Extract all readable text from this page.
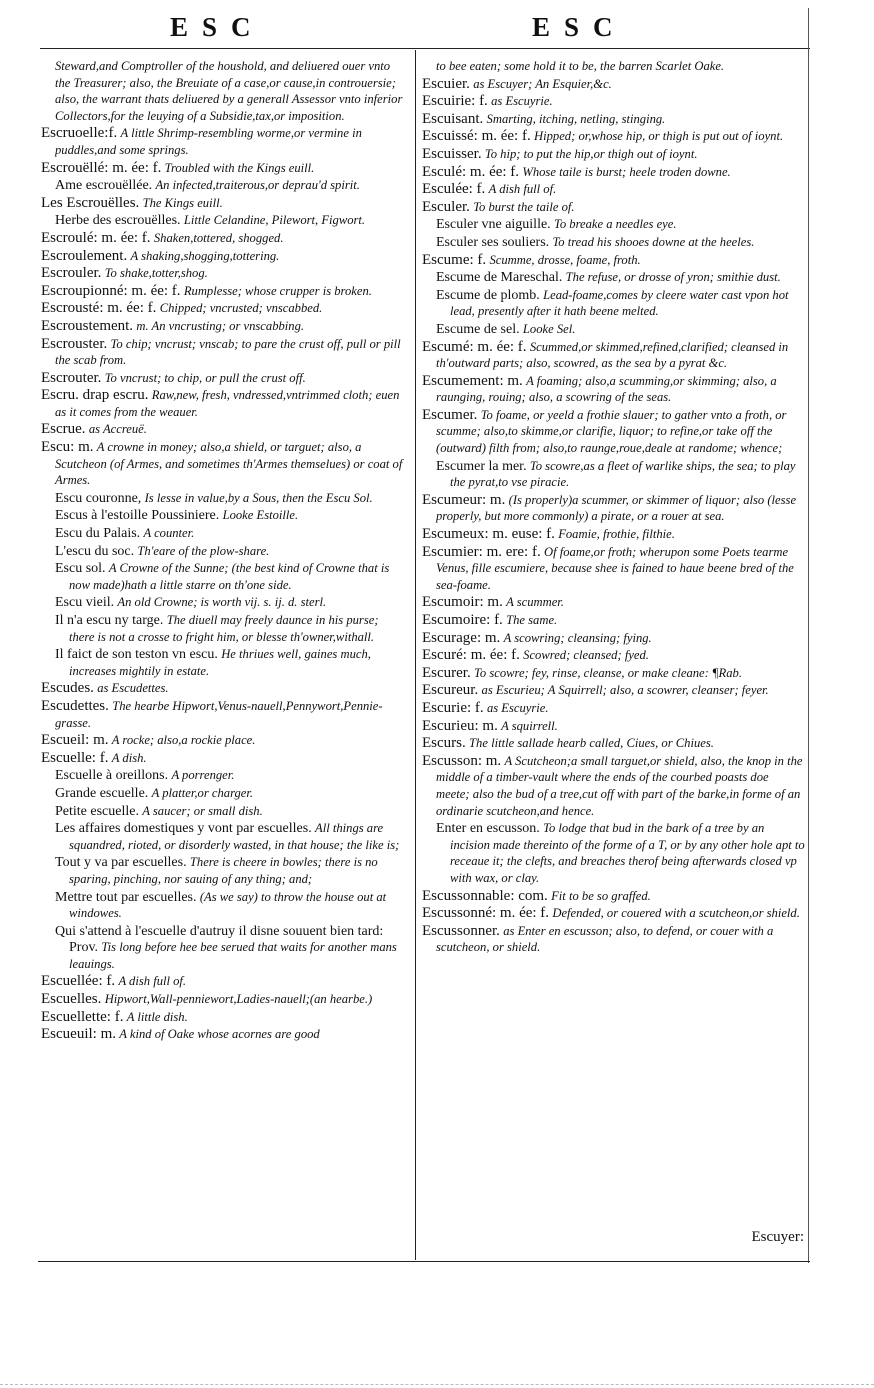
ESC	ESC
Steward,and Comptroller of the houshold, and deliuered ouer vnto the Treasurer; also, the Breuiate of a case,or cause,in controuersie; also, the warrant thats deliuered by a generall Assessor vnto inferior Collectors,for the leuying of a Subsidie,tax,or imposition.
Escruoelle:f. A little Shrimp-resembling worme,or vermine in puddles,and some springs.
Escrouëllé: m. ée: f. Troubled with the Kings euill.
Ame escrouëllée. An infected,traiterous,or deprau'd spirit.
Les Escrouëlles. The Kings euill.
Herbe des escrouëlles. Little Celandine, Pilewort, Figwort.
Escroulé: m. ée: f. Shaken,tottered, shogged.
Escroulement. A shaking,shogging,tottering.
Escrouler. To shake,totter,shog.
Escroupionné: m. ée: f. Rumplesse; whose crupper is broken.
Escrousté: m. ée: f. Chipped; vncrusted; vnscabbed.
Escroustement. m. An vncrusting; or vnscabbing.
Escrouster. To chip; vncrust; vnscab; to pare the crust off, pull or pill the scab from.
Escrouter. To vncrust; to chip, or pull the crust off.
Escru. drap escru. Raw,new, fresh, vndressed,vntrimmed cloth; euen as it comes from the weauer.
Escrue. as Accreuë.
Escu: m. A crowne in money; also,a shield, or targuet; also, a Scutcheon (of Armes, and sometimes th'Armes themselues) or coat of Armes.
Escu couronne, Is lesse in value,by a Sous, then the Escu Sol.
Escus à l'estoille Poussiniere. Looke Estoille.
Escu du Palais. A counter.
L'escu du soc. Th'eare of the plow-share.
Escu sol. A Crowne of the Sunne; (the best kind of Crowne that is now made)hath a little starre on th'one side.
Escu vieil. An old Crowne; is worth vij. s. ij. d. sterl.
Il n'a escu ny targe. The diuell may freely daunce in his purse; there is not a crosse to fright him, or blesse th'owner,withall.
Il faict de son teston vn escu. He thriues well, gaines much, increases mightily in estate.
Escudes. as Escudettes.
Escudettes. The hearbe Hipwort,Venus-nauell,Pennywort,Pennie-grasse.
Escueil: m. A rocke; also,a rockie place.
Escuelle: f. A dish.
Escuelle à oreillons. A porrenger.
Grande escuelle. A platter,or charger.
Petite escuelle. A saucer; or small dish.
Les affaires domestiques y vont par escuelles. All things are squandred, rioted, or disorderly wasted, in that house; the like is;
Tout y va par escuelles. There is cheere in bowles; there is no sparing, pinching, nor sauing of any thing; and;
Mettre tout par escuelles. (As we say) to throw the house out at windowes.
Qui s'attend à l'escuelle d'autruy il disne souuent bien tard: Prov. Tis long before hee bee serued that waits for another mans leauings.
Escuellée: f. A dish full of.
Escuelles. Hipwort,Wall-penniewort,Ladies-nauell;(an hearbe.)
Escuellette: f. A little dish.
Escueuil: m. A kind of Oake whose acornes are good
to bee eaten; some hold it to be, the barren Scarlet Oake.
Escuier. as Escuyer; An Esquier,&c.
Escuirie: f. as Escuyrie.
Escuisant. Smarting, itching, netling, stinging.
Escuissé: m. ée: f. Hipped; or,whose hip, or thigh is put out of ioynt.
Escuisser. To hip; to put the hip,or thigh out of ioynt.
Esculé: m. ée: f. Whose taile is burst; heele troden downe.
Esculée: f. A dish full of.
Esculer. To burst the taile of.
Esculer vne aiguille. To breake a needles eye.
Esculer ses souliers. To tread his shooes downe at the heeles.
Escume: f. Scumme, drosse, foame, froth.
Escume de Mareschal. The refuse, or drosse of yron; smithie dust.
Escume de plomb. Lead-foame,comes by cleere water cast vpon hot lead, presently after it hath beene melted.
Escume de sel. Looke Sel.
Escumé: m. ée: f. Scummed,or skimmed,refined,clarified; cleansed in th'outward parts; also, scowred, as the sea by a pyrat &c.
Escumement: m. A foaming; also,a scumming,or skimming; also, a raunging, rouing; also, a scowring of the seas.
Escumer. To foame, or yeeld a frothie slauer; to gather vnto a froth, or scumme; also,to skimme,or clarifie, liquor; to refine,or take off the (outward) filth from; also,to raunge,roue,deale at randome; whence;
Escumer la mer. To scowre,as a fleet of warlike ships, the sea; to play the pyrat,to vse piracie.
Escumeur: m. (Is properly)a scummer, or skimmer of liquor; also (lesse properly, but more commonly) a pirate, or a rouer at sea.
Escumeux: m. euse: f. Foamie, frothie, filthie.
Escumier: m. ere: f. Of foame,or froth; wherupon some Poets tearme Venus, fille escumiere, because shee is fained to haue beene bred of the sea-foame.
Escumoir: m. A scummer.
Escumoire: f. The same.
Escurage: m. A scowring; cleansing; fying.
Escuré: m. ée: f. Scowred; cleansed; fyed.
Escurer. To scowre; fey, rinse, cleanse, or make cleane: ¶Rab.
Escureur. as Escurieu; A Squirrell; also, a scowrer, cleanser; feyer.
Escurie: f. as Escuyrie.
Escurieu: m. A squirrell.
Escurs. The little sallade hearb called, Ciues, or Chiues.
Escusson: m. A Scutcheon;a small targuet,or shield, also, the knop in the middle of a timber-vault where the ends of the courbed poasts doe meete; also the bud of a tree,cut off with part of the barke,in forme of an ordinarie scutcheon,and hence.
Enter en escusson. To lodge that bud in the bark of a tree by an incision made thereinto of the forme of a T, or by any other hole apt to receaue it; the clefts, and breaches therof being afterwards closed vp with wax, or clay.
Escussonnable: com. Fit to be so graffed.
Escussonné: m. ée: f. Defended, or couered with a scutcheon,or shield.
Escussonner. as Enter en escusson; also, to defend, or couer with a scutcheon, or shield.
Escuyer:
